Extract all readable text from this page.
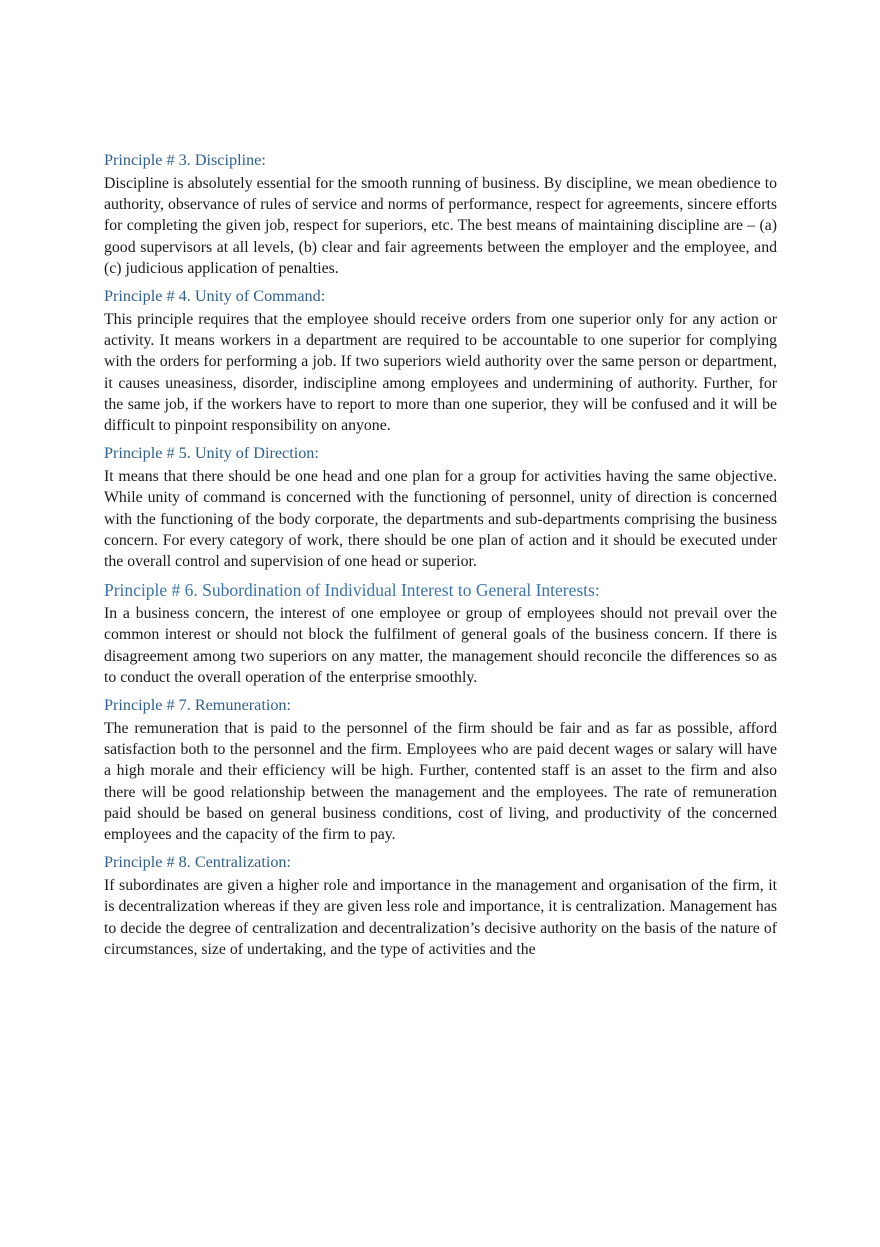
Principle # 3. Discipline:

Discipline is absolutely essential for the smooth running of business. By discipline, we mean obedience to authority, observance of rules of service and norms of performance, respect for agreements, sincere efforts for completing the given job, respect for superiors, etc. The best means of maintaining discipline are – (a) good supervisors at all levels, (b) clear and fair agreements between the employer and the employee, and (c) judicious application of penalties.

Principle # 4. Unity of Command:

This principle requires that the employee should receive orders from one superior only for any action or activity. It means workers in a department are required to be accountable to one superior for complying with the orders for performing a job. If two superiors wield authority over the same person or department, it causes uneasiness, disorder, indiscipline among employees and undermining of authority. Further, for the same job, if the workers have to report to more than one superior, they will be confused and it will be difficult to pinpoint responsibility on anyone.

Principle # 5. Unity of Direction:

It means that there should be one head and one plan for a group for activities having the same objective. While unity of command is concerned with the functioning of personnel, unity of direction is concerned with the functioning of the body corporate, the departments and sub-departments comprising the business concern. For every category of work, there should be one plan of action and it should be executed under the overall control and supervision of one head or superior.

Principle # 6. Subordination of Individual Interest to General Interests:

In a business concern, the interest of one employee or group of employees should not prevail over the common interest or should not block the fulfilment of general goals of the business concern. If there is disagreement among two superiors on any matter, the management should reconcile the differences so as to conduct the overall operation of the enterprise smoothly.

Principle # 7. Remuneration:

The remuneration that is paid to the personnel of the firm should be fair and as far as possible, afford satisfaction both to the personnel and the firm. Employees who are paid decent wages or salary will have a high morale and their efficiency will be high. Further, contented staff is an asset to the firm and also there will be good relationship between the management and the employees. The rate of remuneration paid should be based on general business conditions, cost of living, and productivity of the concerned employees and the capacity of the firm to pay.

Principle # 8. Centralization:

If subordinates are given a higher role and importance in the management and organisation of the firm, it is decentralization whereas if they are given less role and importance, it is centralization. Management has to decide the degree of centralization and decentralization’s decisive authority on the basis of the nature of circumstances, size of undertaking, and the type of activities and the
